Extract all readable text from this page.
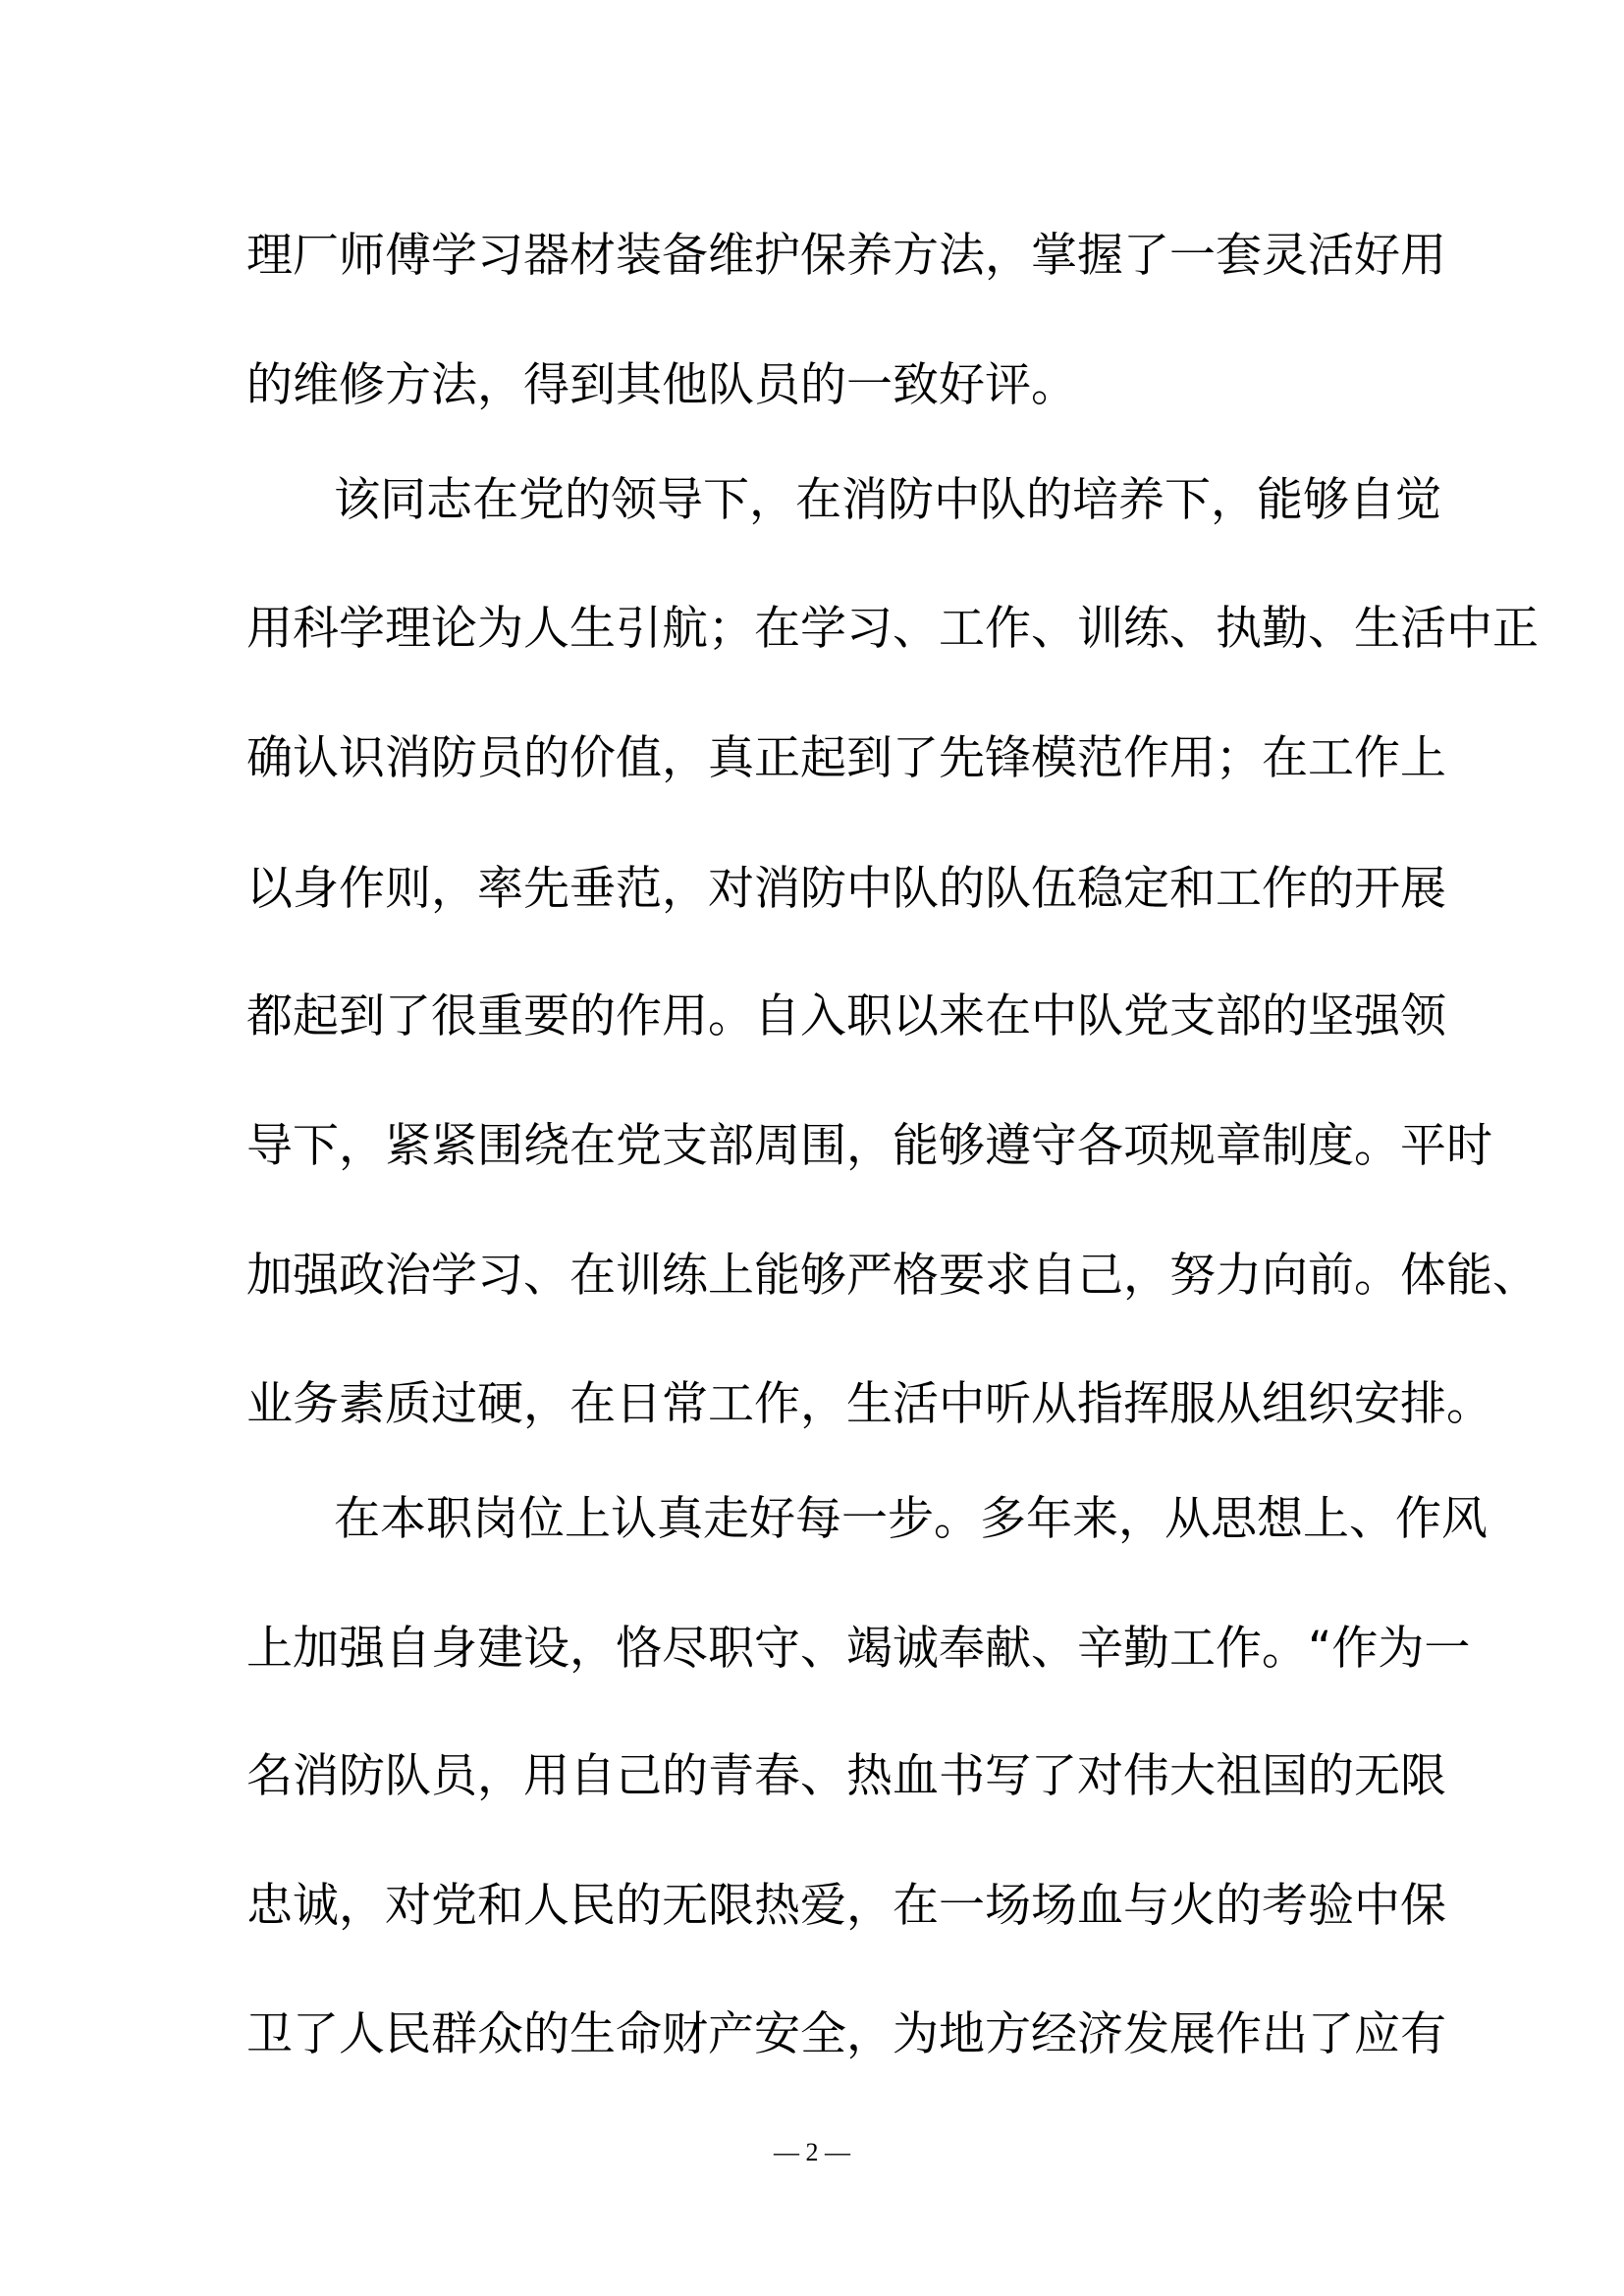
理厂师傅学习器材装备维护保养方法，掌握了一套灵活好用
的维修方法，得到其他队员的一致好评。
该同志在党的领导下，在消防中队的培养下，能够自觉
用科学理论为人生引航；在学习、工作、训练、执勤、生活中正
确认识消防员的价值，真正起到了先锋模范作用；在工作上
以身作则，率先垂范，对消防中队的队伍稳定和工作的开展
都起到了很重要的作用。自入职以来在中队党支部的坚强领
导下，紧紧围绕在党支部周围，能够遵守各项规章制度。平时
加强政治学习、在训练上能够严格要求自己，努力向前。体能、
业务素质过硬，在日常工作，生活中听从指挥服从组织安排。
在本职岗位上认真走好每一步。多年来，从思想上、作风
上加强自身建设，恪尽职守、竭诚奉献、辛勤工作。“作为一
名消防队员，用自己的青春、热血书写了对伟大祖国的无限
忠诚，对党和人民的无限热爱，在一场场血与火的考验中保
卫了人民群众的生命财产安全，为地方经济发展作出了应有
— 2 —
